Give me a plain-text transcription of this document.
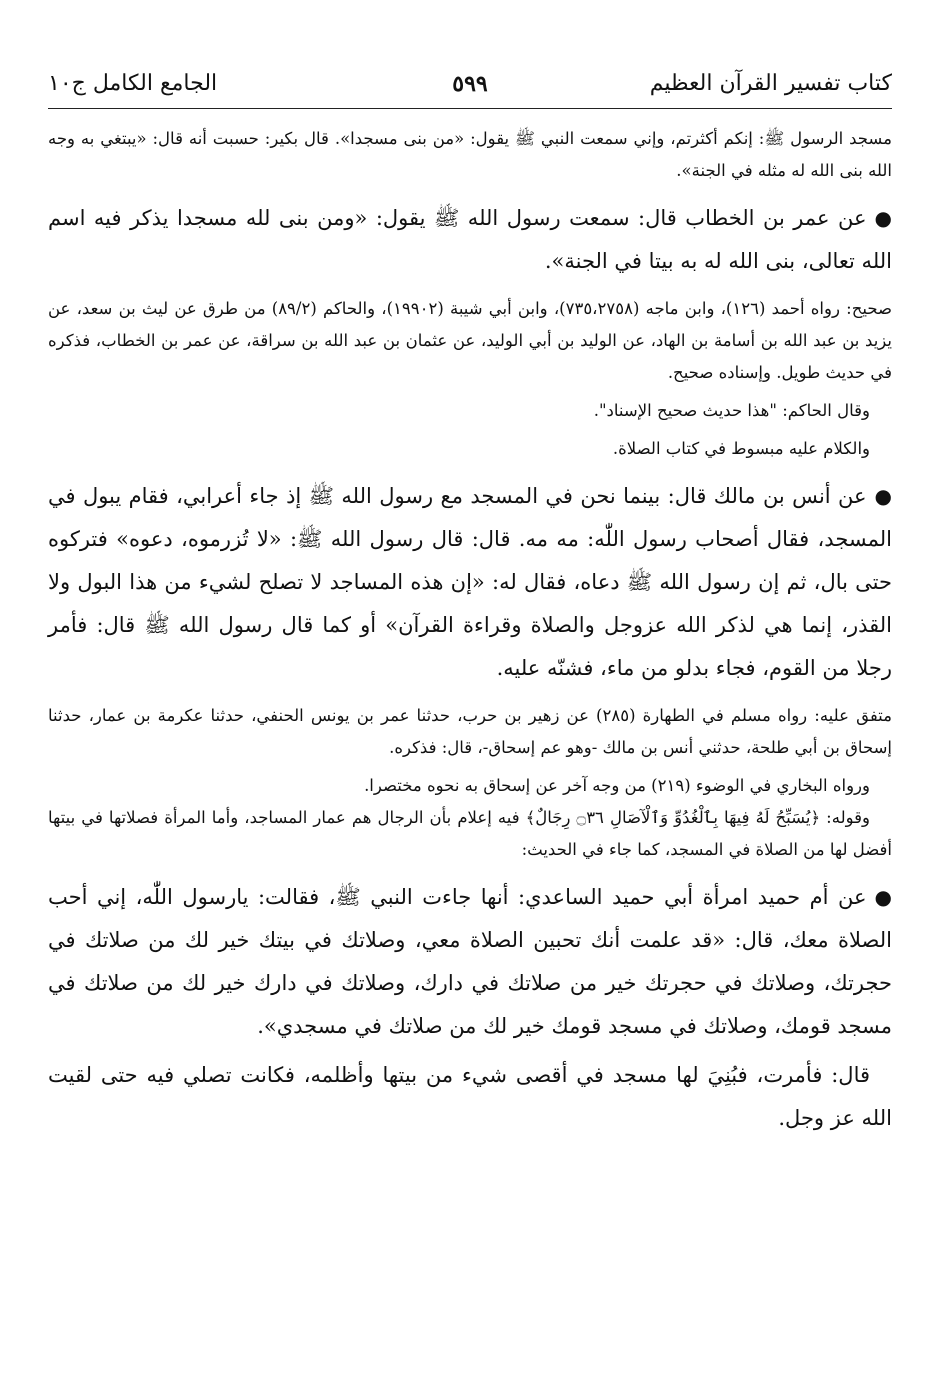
كتاب تفسير القرآن العظيم
٥٩٩
الجامع الكامل ج١٠

مسجد الرسول ﷺ: إنكم أكثرتم، وإني سمعت النبي ﷺ يقول: «من بنى مسجدا». قال بكير: حسبت أنه قال: «يبتغي به وجه الله بنى الله له مثله في الجنة».

●عن عمر بن الخطاب قال: سمعت رسول الله ﷺ يقول: «ومن بنى لله مسجدا يذكر فيه اسم الله تعالى، بنى الله له به بيتا في الجنة».

صحيح: رواه أحمد (١٢٦)، وابن ماجه (٧٣٥،٢٧٥٨)، وابن أبي شيبة (١٩٩٠٢)، والحاكم (٨٩/٢) من طرق عن ليث بن سعد، عن يزيد بن عبد الله بن أسامة بن الهاد، عن الوليد بن أبي الوليد، عن عثمان بن عبد الله بن سراقة، عن عمر بن الخطاب، فذكره في حديث طويل. وإسناده صحيح.

وقال الحاكم: "هذا حديث صحيح الإسناد".

والكلام عليه مبسوط في كتاب الصلاة.

●عن أنس بن مالك قال: بينما نحن في المسجد مع رسول الله ﷺ إذ جاء أعرابي، فقام يبول في المسجد، فقال أصحاب رسول اللّٰه: مه مه. قال: قال رسول الله ﷺ: «لا تُزرموه، دعوه» فتركوه حتى بال، ثم إن رسول الله ﷺ دعاه، فقال له: «إن هذه المساجد لا تصلح لشيء من هذا البول ولا القذر، إنما هي لذكر الله عزوجل والصلاة وقراءة القرآن» أو كما قال رسول الله ﷺ قال: فأمر رجلا من القوم، فجاء بدلو من ماء، فشنّه عليه.

متفق عليه: رواه مسلم في الطهارة (٢٨٥) عن زهير بن حرب، حدثنا عمر بن يونس الحنفي، حدثنا عكرمة بن عمار، حدثنا إسحاق بن أبي طلحة، حدثني أنس بن مالك -وهو عم إسحاق-، قال: فذكره.

ورواه البخاري في الوضوء (٢١٩) من وجه آخر عن إسحاق به نحوه مختصرا.

وقوله: ﴿يُسَبِّحُ لَهُ فِيهَا بِٱلْغُدُوِّ وَٱلْآصَالِ ۝٣٦ رِجَالٌ﴾ فيه إعلام بأن الرجال هم عمار المساجد، وأما المرأة فصلاتها في بيتها أفضل لها من الصلاة في المسجد، كما جاء في الحديث:

●عن أم حميد امرأة أبي حميد الساعدي: أنها جاءت النبي ﷺ، فقالت: يارسول اللّٰه، إني أحب الصلاة معك، قال: «قد علمت أنك تحبين الصلاة معي، وصلاتك في بيتك خير لك من صلاتك في حجرتك، وصلاتك في حجرتك خير من صلاتك في دارك، وصلاتك في دارك خير لك من صلاتك في مسجد قومك، وصلاتك في مسجد قومك خير لك من صلاتك في مسجدي».

قال: فأمرت، فبُنِيَ لها مسجد في أقصى شيء من بيتها وأظلمه، فكانت تصلي فيه حتى لقيت الله عز وجل.
